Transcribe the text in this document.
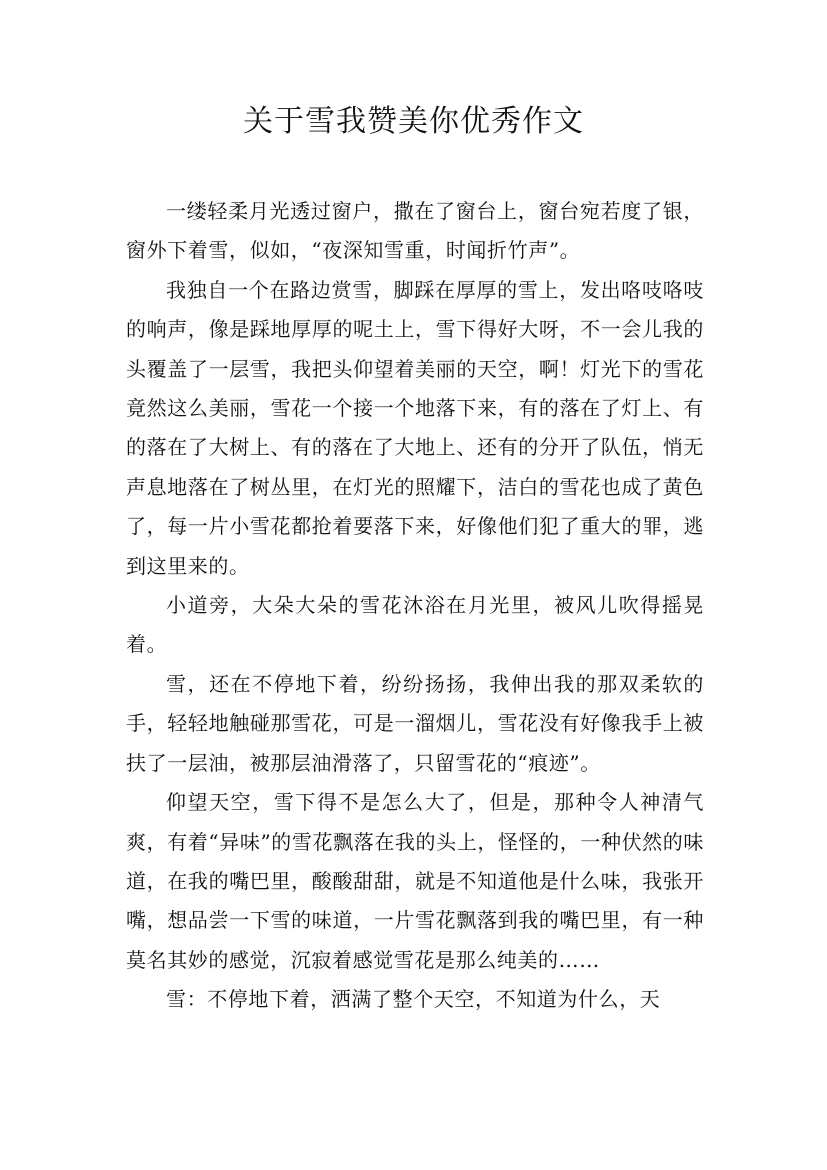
关于雪我赞美你优秀作文

一缕轻柔月光透过窗户，撒在了窗台上，窗台宛若度了银，窗外下着雪，似如，“夜深知雪重，时闻折竹声”。

我独自一个在路边赏雪，脚踩在厚厚的雪上，发出咯吱咯吱的响声，像是踩地厚厚的呢土上，雪下得好大呀，不一会儿我的头覆盖了一层雪，我把头仰望着美丽的天空，啊！灯光下的雪花竟然这么美丽，雪花一个接一个地落下来，有的落在了灯上、有的落在了大树上、有的落在了大地上、还有的分开了队伍，悄无声息地落在了树丛里，在灯光的照耀下，洁白的雪花也成了黄色了，每一片小雪花都抢着要落下来，好像他们犯了重大的罪，逃到这里来的。

小道旁，大朵大朵的雪花沐浴在月光里，被风儿吹得摇晃着。

雪，还在不停地下着，纷纷扬扬，我伸出我的那双柔软的手，轻轻地触碰那雪花，可是一溜烟儿，雪花没有好像我手上被扶了一层油，被那层油滑落了，只留雪花的“痕迹”。

仰望天空，雪下得不是怎么大了，但是，那种令人神清气爽，有着“异味”的雪花飘落在我的头上，怪怪的，一种伏然的味道，在我的嘴巴里，酸酸甜甜，就是不知道他是什么味，我张开嘴，想品尝一下雪的味道，一片雪花飘落到我的嘴巴里，有一种莫名其妙的感觉，沉寂着感觉雪花是那么纯美的……

雪：不停地下着，洒满了整个天空，不知道为什么，天
